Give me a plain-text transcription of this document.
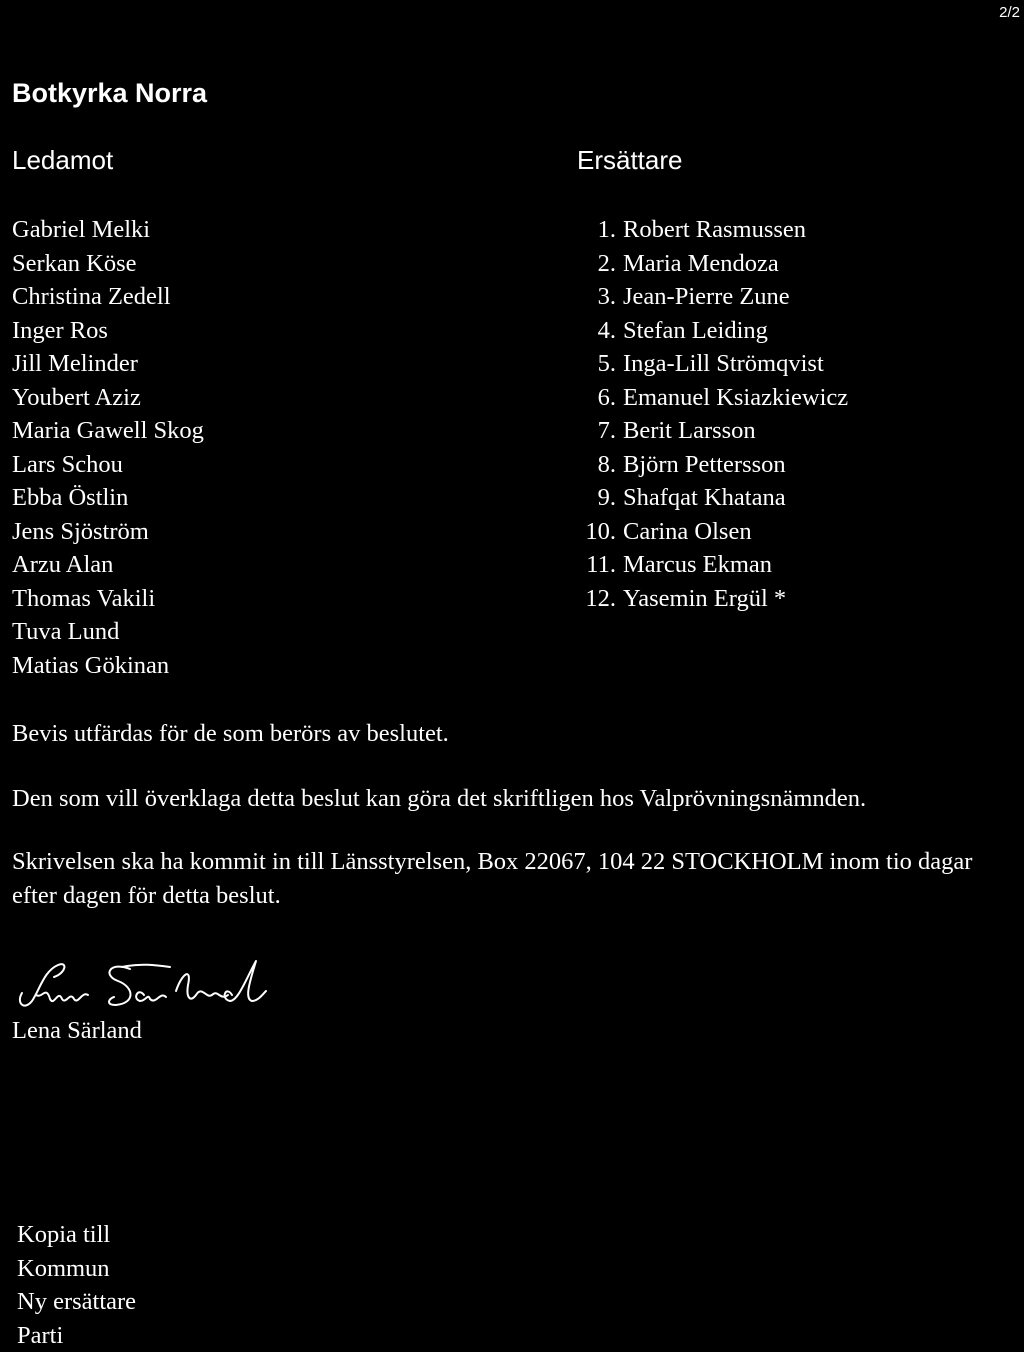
2/2
Botkyrka Norra
Ledamot	Ersättare
Gabriel Melki
Serkan Köse
Christina Zedell
Inger Ros
Jill Melinder
Youbert Aziz
Maria Gawell Skog
Lars Schou
Ebba Östlin
Jens Sjöström
Arzu Alan
Thomas Vakili
Tuva Lund
Matias Gökinan
1. Robert Rasmussen
2. Maria Mendoza
3. Jean-Pierre Zune
4. Stefan Leiding
5. Inga-Lill Strömqvist
6. Emanuel Ksiazkiewicz
7. Berit Larsson
8. Björn Pettersson
9. Shafqat Khatana
10. Carina Olsen
11. Marcus Ekman
12. Yasemin Ergül *

Bevis utfärdas för de som berörs av beslutet.

Den som vill överklaga detta beslut kan göra det skriftligen hos Valprövningsnämnden.

Skrivelsen ska ha kommit in till Länsstyrelsen, Box 22067, 104 22 STOCKHOLM inom tio dagar efter dagen för detta beslut.

Lena Särland

Kopia till
Kommun
Ny ersättare
Parti
